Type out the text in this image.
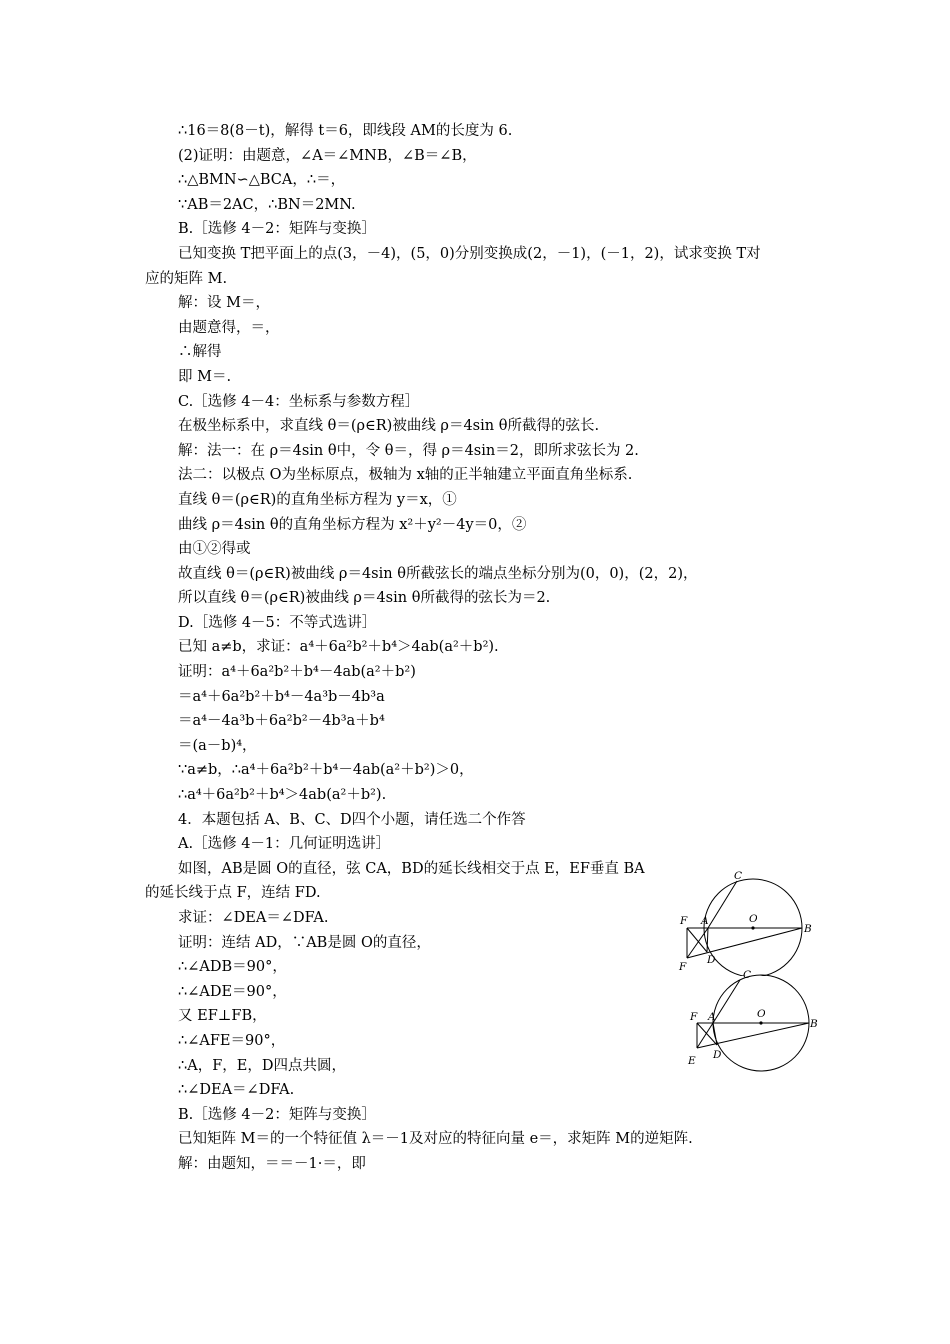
∴16＝8(8－t)，解得 t＝6，即线段 AM的长度为 6.
(2)证明：由题意，∠A＝∠MNB，∠B＝∠B，
∴△BMN∽△BCA，∴＝，
∵AB＝2AC，∴BN＝2MN.
B.［选修 4－2：矩阵与变换］
已知变换 T把平面上的点(3，－4)，(5，0)分别变换成(2，－1)，(－1，2)，试求变换 T对
应的矩阵 M.
解：设 M＝，
由题意得，＝，
∴解得
即 M＝.
C.［选修 4－4：坐标系与参数方程］
在极坐标系中，求直线 θ＝(ρ∈R)被曲线 ρ＝4sin θ所截得的弦长.
解：法一：在 ρ＝4sin θ中，令 θ＝，得 ρ＝4sin＝2，即所求弦长为 2.
法二：以极点 O为坐标原点，极轴为 x轴的正半轴建立平面直角坐标系.
直线 θ＝(ρ∈R)的直角坐标方程为 y＝x，①
曲线 ρ＝4sin θ的直角坐标方程为 x²＋y²－4y＝0，②
由①②得或
故直线 θ＝(ρ∈R)被曲线 ρ＝4sin θ所截弦长的端点坐标分别为(0，0)，(2，2)，
所以直线 θ＝(ρ∈R)被曲线 ρ＝4sin θ所截得的弦长为＝2.
D.［选修 4－5：不等式选讲］
已知 a≠b，求证：a⁴＋6a²b²＋b⁴＞4ab(a²＋b²).
证明：a⁴＋6a²b²＋b⁴－4ab(a²＋b²)
＝a⁴＋6a²b²＋b⁴－4a³b－4b³a
＝a⁴－4a³b＋6a²b²－4b³a＋b⁴
＝(a－b)⁴，
∵a≠b，∴a⁴＋6a²b²＋b⁴－4ab(a²＋b²)＞0，
∴a⁴＋6a²b²＋b⁴＞4ab(a²＋b²).
4．本题包括 A、B、C、D四个小题，请任选二个作答
A.［选修 4－1：几何证明选讲］
如图，AB是圆 O的直径，弦 CA，BD的延长线相交于点 E，EF垂直 BA
的延长线于点 F，连结 FD.
求证：∠DEA＝∠DFA.
证明：连结 AD，∵AB是圆 O的直径，
∴∠ADB＝90°，
∴∠ADE＝90°，
又 EF⊥FB，
∴∠AFE＝90°，
∴A，F，E，D四点共圆，
∴∠DEA＝∠DFA.
B.［选修 4－2：矩阵与变换］
已知矩阵 M＝的一个特征值 λ＝－1及对应的特征向量 e＝，求矩阵 M的逆矩阵.
解：由题知，＝＝－1·＝，即
C
F A	O
B
D
F
C
F A	O
B
E D
